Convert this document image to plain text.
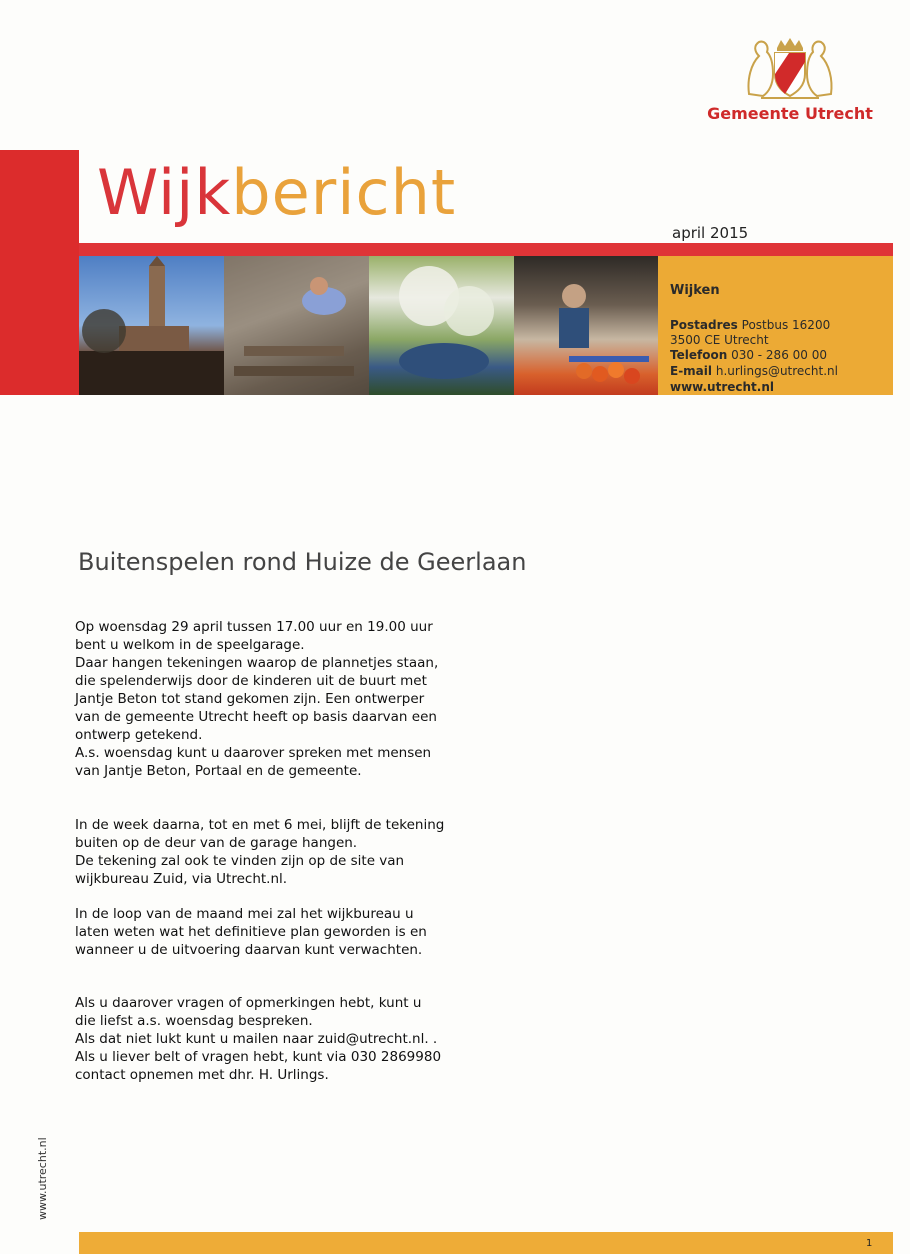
Gemeente Utrecht
Wijkbericht
april 2015
Wijken
Postadres Postbus 16200
3500 CE Utrecht
Telefoon 030 - 286 00 00
E-mail h.urlings@utrecht.nl
www.utrecht.nl
Buitenspelen rond Huize de Geerlaan

Op woensdag 29 april tussen 17.00 uur en 19.00 uur
bent u welkom in de speelgarage.
Daar hangen tekeningen waarop de plannetjes staan,
die spelenderwijs door de kinderen uit de buurt met
Jantje Beton tot stand gekomen zijn. Een ontwerper
van de gemeente Utrecht heeft op basis daarvan een
ontwerp getekend.
A.s. woensdag kunt u daarover spreken met mensen
van Jantje Beton, Portaal en de gemeente.

In de week daarna, tot en met 6 mei, blijft de tekening
buiten op de deur van de garage hangen.
De tekening zal ook te vinden zijn op de site van
wijkbureau Zuid, via Utrecht.nl.

In de loop van de maand mei zal het wijkbureau u
laten weten wat het definitieve plan geworden is en
wanneer u de uitvoering daarvan kunt verwachten.

Als u daarover vragen of opmerkingen hebt, kunt u
die liefst a.s. woensdag bespreken.
Als dat niet lukt kunt u mailen naar zuid@utrecht.nl. .
Als u liever belt of vragen hebt, kunt via 030 2869980
contact opnemen met dhr. H. Urlings.

www.utrecht.nl
1
